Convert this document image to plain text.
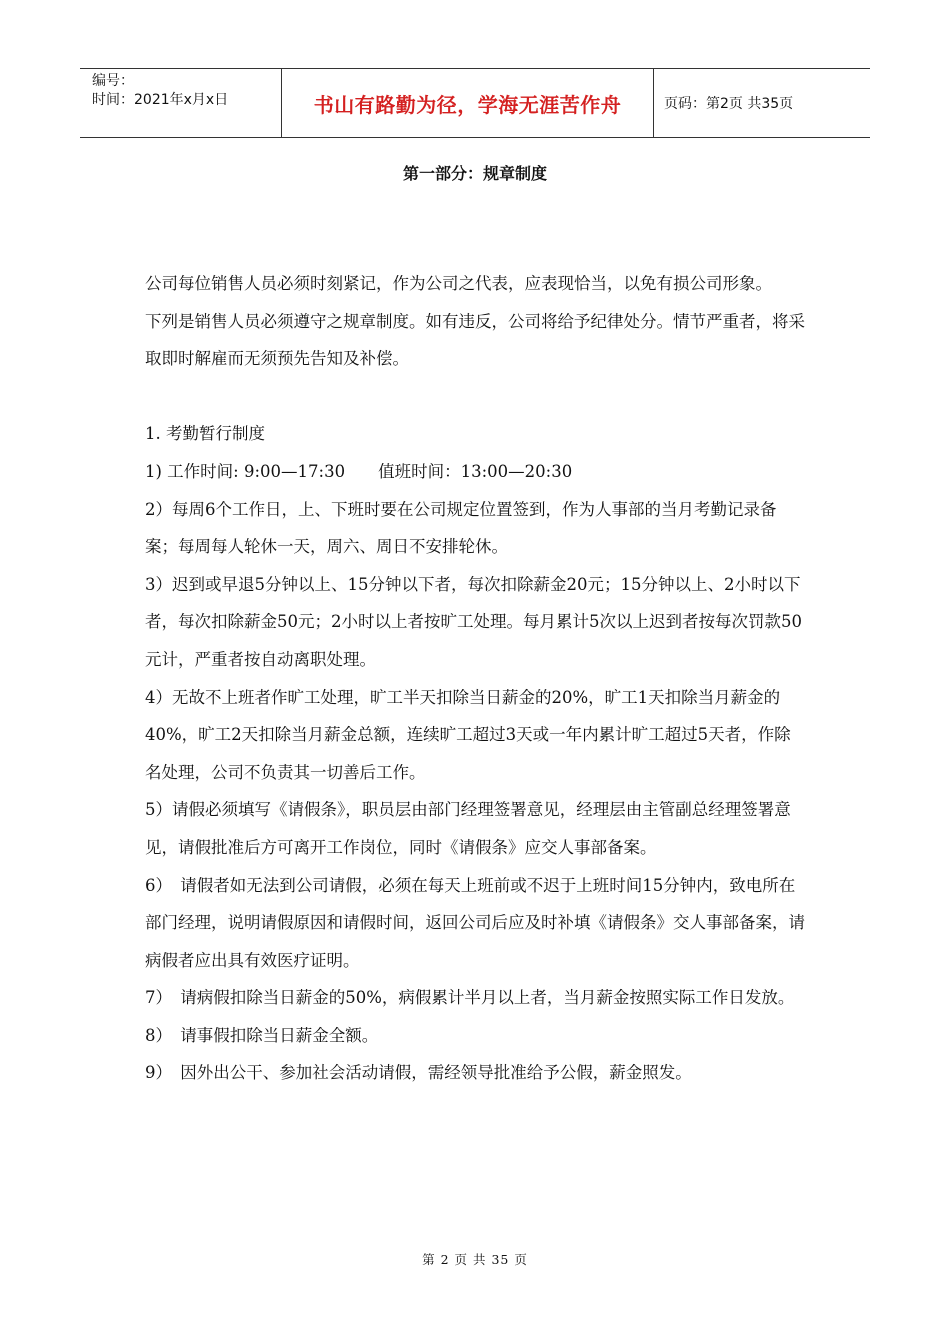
编号：
时间：2021年x月x日	书山有路勤为径，学海无涯苦作舟	页码：第2页 共35页
第一部分：规章制度

公司每位销售人员必须时刻紧记，作为公司之代表，应表现恰当，以免有损公司形象。

下列是销售人员必须遵守之规章制度。如有违反，公司将给予纪律处分。情节严重者，将采取即时解雇而无须预先告知及补偿。

1. 考勤暂行制度

1) 工作时间: 9:00—17:30　　值班时间：13:00—20:30

2）每周6个工作日，上、下班时要在公司规定位置签到，作为人事部的当月考勤记录备案；每周每人轮休一天，周六、周日不安排轮休。

3）迟到或早退5分钟以上、15分钟以下者，每次扣除薪金20元；15分钟以上、2小时以下者，每次扣除薪金50元；2小时以上者按旷工处理。每月累计5次以上迟到者按每次罚款50元计，严重者按自动离职处理。

4）无故不上班者作旷工处理，旷工半天扣除当日薪金的20%，旷工1天扣除当月薪金的40%，旷工2天扣除当月薪金总额，连续旷工超过3天或一年内累计旷工超过5天者，作除名处理，公司不负责其一切善后工作。

5）请假必须填写《请假条》，职员层由部门经理签署意见，经理层由主管副总经理签署意见，请假批准后方可离开工作岗位，同时《请假条》应交人事部备案。

6）　请假者如无法到公司请假，必须在每天上班前或不迟于上班时间15分钟内，致电所在部门经理，说明请假原因和请假时间，返回公司后应及时补填《请假条》交人事部备案，请病假者应出具有效医疗证明。

7）　请病假扣除当日薪金的50%，病假累计半月以上者，当月薪金按照实际工作日发放。

8）　请事假扣除当日薪金全额。

9）　因外出公干、参加社会活动请假，需经领导批准给予公假，薪金照发。

第 2 页 共 35 页
